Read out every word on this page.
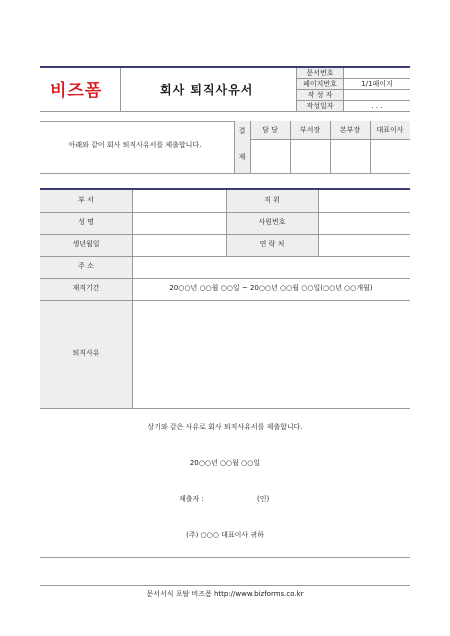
비즈폼	회사 퇴직사유서
문서번호
페이지번호	1/1페이지
작 성 자
작성일자	. . .
아래와 같이 회사 퇴직사유서를 제출합니다.
결
재
담 당	부서장	본부장	대표이사
부 서	직 위
성 명	사원번호
생년월일	연 락 처
주 소
재직기간	20○○년 ○○월 ○○일 ~ 20○○년 ○○월 ○○일(○○년 ○○개월)
퇴직사유
상기와 같은 사유로 회사 퇴직사유서를 제출합니다.
20○○년 ○○월 ○○일
제출자 :	(인)
(주) ○○○ 대표이사 귀하
문서서식 포탈 비즈폼 http://www.bizforms.co.kr
